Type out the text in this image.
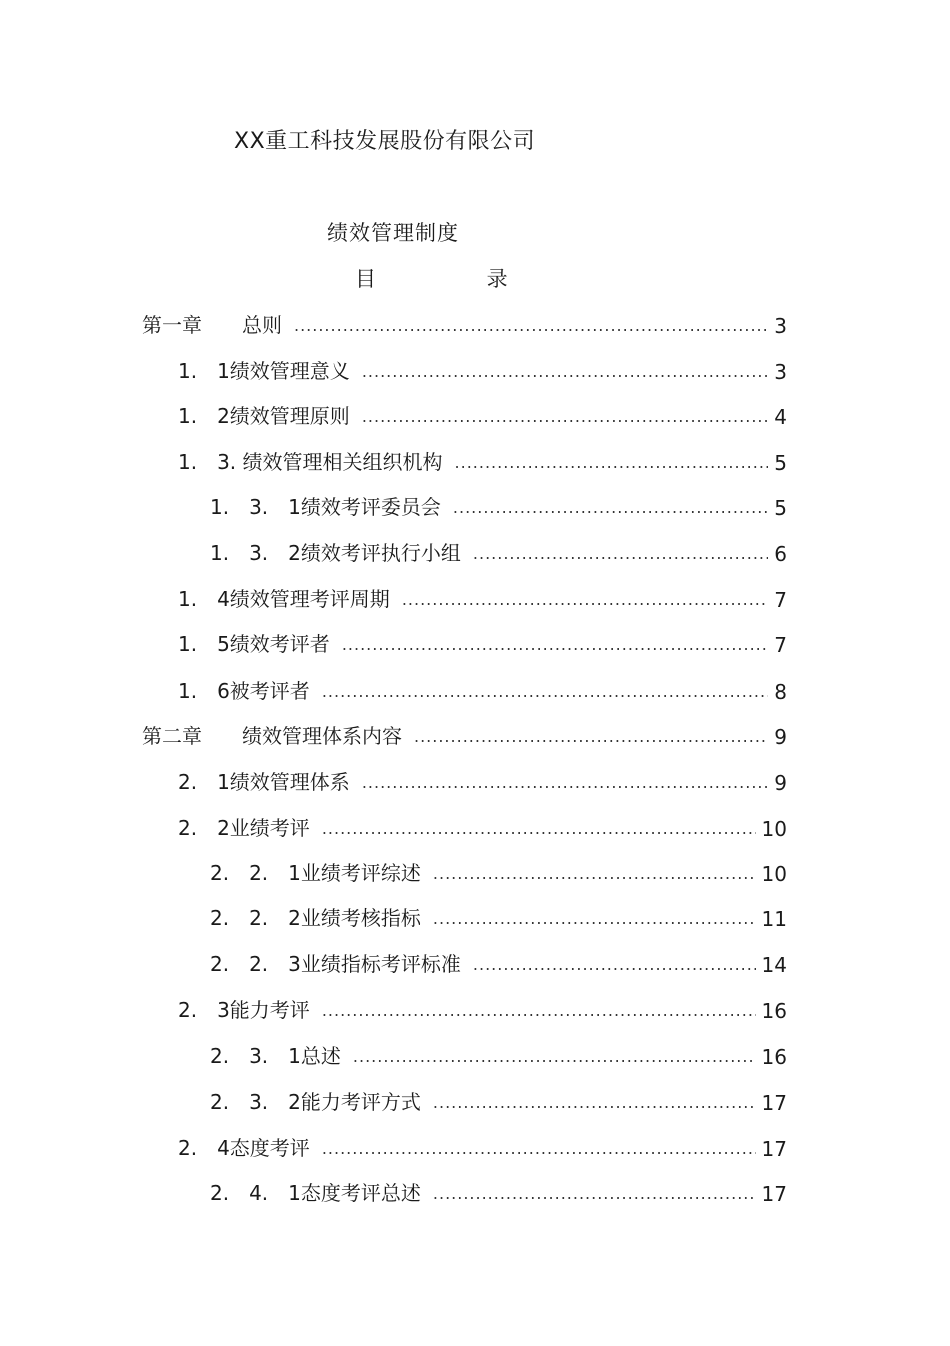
XX重工科技发展股份有限公司
绩效管理制度
目 录
第一章　　总则 .....	3
1.　1绩效管理意义 .....	3
1.　2绩效管理原则 .....	4
1.　3. 绩效管理相关组织机构 .....	5
1.　3.　1绩效考评委员会 .....	5
1.　3.　2绩效考评执行小组 .....	6
1.　4绩效管理考评周期 .....	7
1.　5绩效考评者 .....	7
1.　6被考评者 .....	8
第二章　　绩效管理体系内容 .....	9
2.　1绩效管理体系 .....	9
2.　2业绩考评 .....	10
2.　2.　1业绩考评综述 .....	10
2.　2.　2业绩考核指标 .....	11
2.　2.　3业绩指标考评标准 .....	14
2.　3能力考评 .....	16
2.　3.　1总述 .....	16
2.　3.　2能力考评方式 .....	17
2.　4态度考评 .....	17
2.　4.　1态度考评总述 .....	17
